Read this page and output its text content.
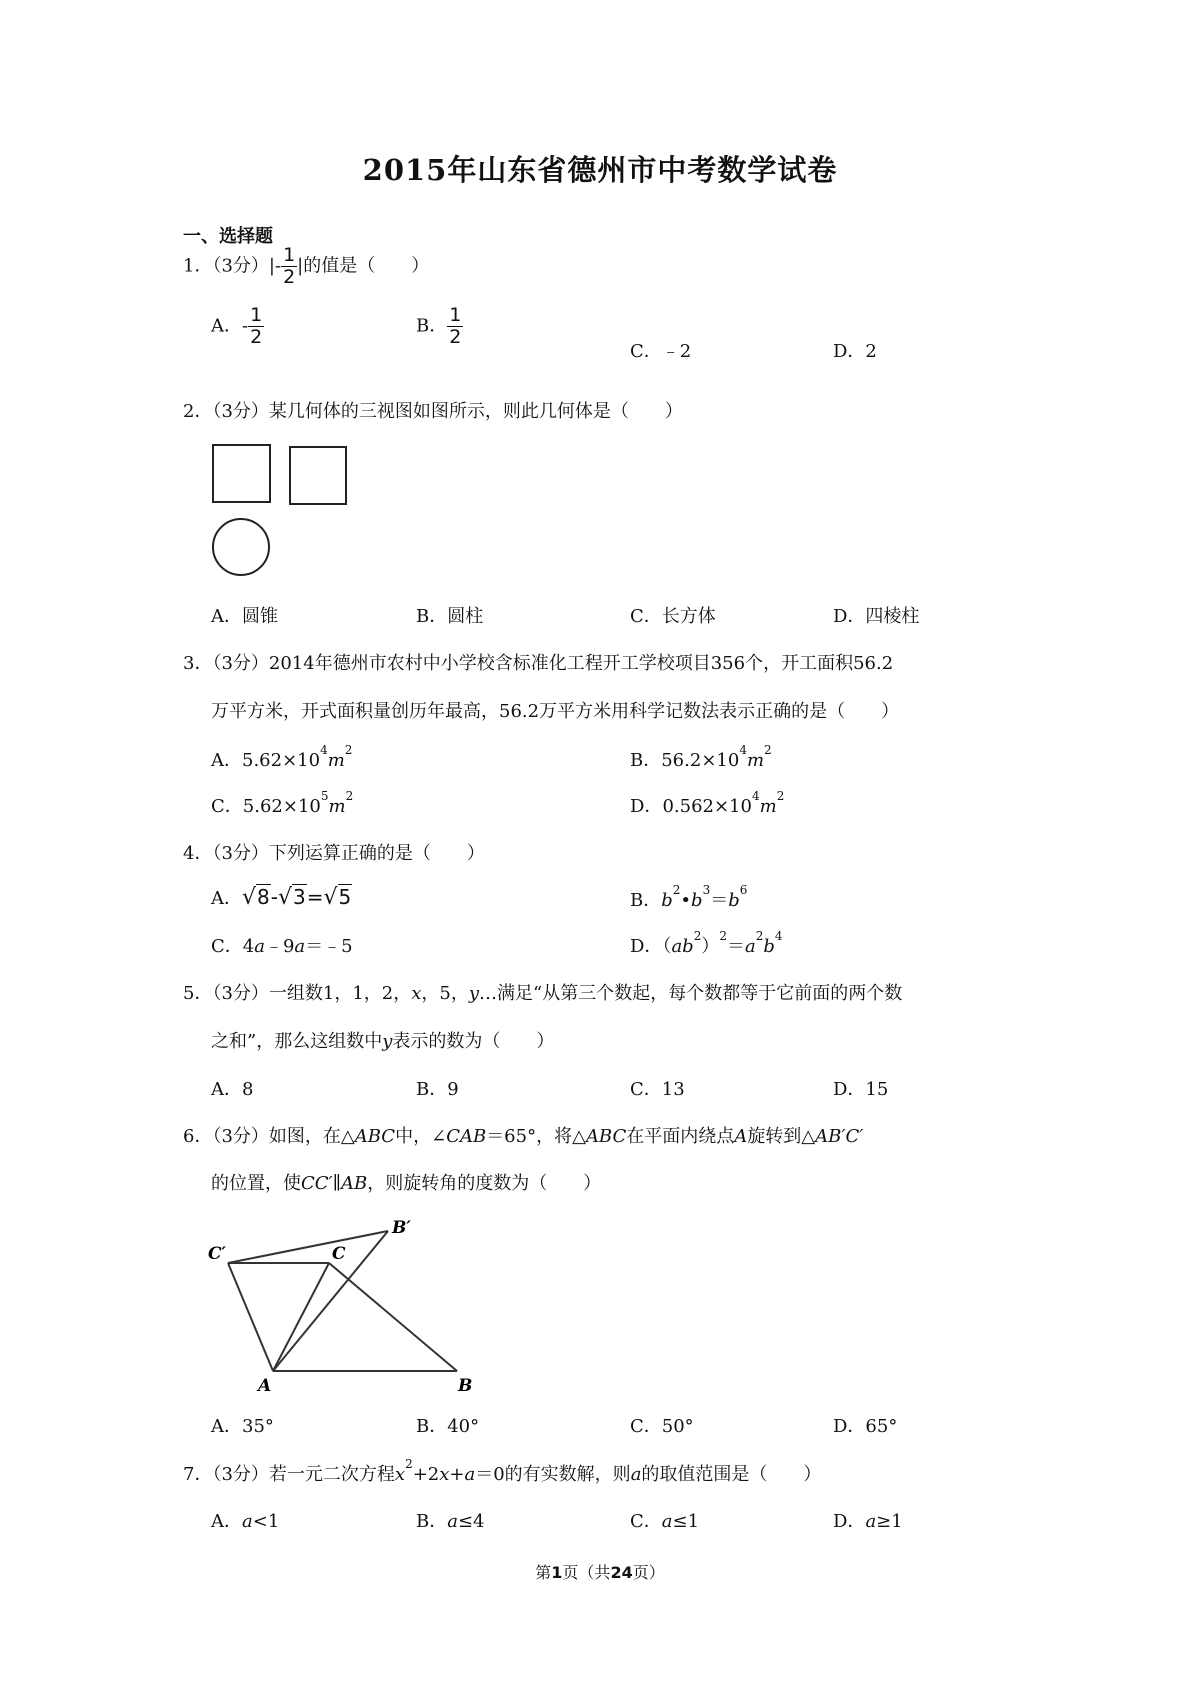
2015年山东省德州市中考数学试卷
一、选择题
1．（3分）|- $\frac{1}{2}$ |的值是（　　）
A．- $\frac{1}{2}$	B． $\frac{1}{2}$
C．﹣2	D．2
2．（3分）某几何体的三视图如图所示，则此几何体是（　　）
A．圆锥	B．圆柱	C．长方体	D．四棱柱
3．（3分）2014年德州市农村中小学校含标准化工程开工学校项目356个，开工面积56.2
万平方米，开式面积量创历年最高，56.2万平方米用科学记数法表示正确的是（　　）
A．$5.62\times 10^4m^2$	B．$56.2\times 10^4m^2$
C．$5.62\times 10^5m^2$	D．$0.562\times 10^4m^2$
4．（3分）下列运算正确的是（　　）
A．√8-√3=√5	B．$b^2•b^3=b^6$
C．4a﹣9a＝﹣5	D．$(ab^2)^2=a^2b^4$
5．（3分）一组数1，1，2，x，5，y…满足“从第三个数起，每个数都等于它前面的两个数
之和”，那么这组数中y表示的数为（　　）
A．8	B．9	C．13	D．15
6．（3分）如图，在△ABC中，∠CAB＝65°，将△ABC在平面内绕点A旋转到△AB′C′
的位置，使CC′∥AB，则旋转角的度数为（　　）
C′	C
B′
A	B
A．35°	B．40°	C．50°	D．65°
7．（3分）若一元二次方程$x^2+2x+a=0$的有实数解，则a的取值范围是（　　）
A．a<1	B．a≤4	C．a≤1	D．a≥1
第1页（共24页）
